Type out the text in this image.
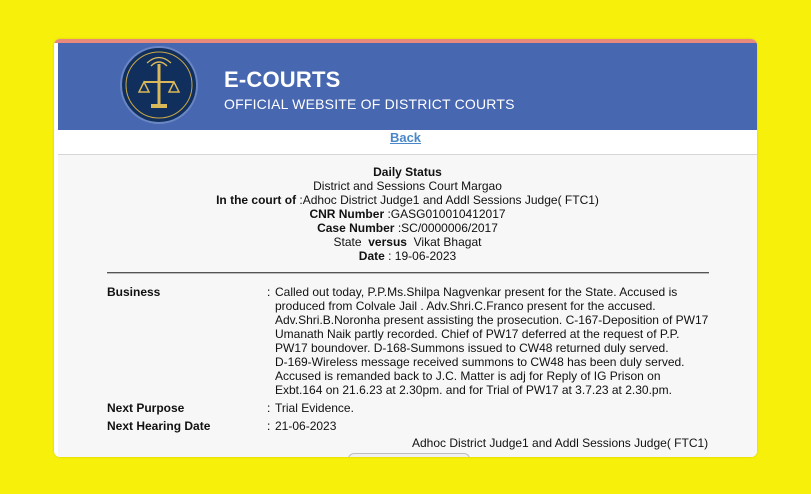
E-COURTS
OFFICIAL WEBSITE OF DISTRICT COURTS
Back
Daily Status
District and Sessions Court Margao
In the court of :Adhoc District Judge1 and Addl Sessions Judge( FTC1)
CNR Number :GASG010010412017
Case Number :SC/0000006/2017
State versus Vikat Bhagat
Date : 19-06-2023
Business	: Called out today, P.P.Ms.Shilpa Nagvenkar present for the State. Accused is
produced from Colvale Jail . Adv.Shri.C.Franco present for the accused.
Adv.Shri.B.Noronha present assisting the prosecution. C-167-Deposition of PW17
Umanath Naik partly recorded. Chief of PW17 deferred at the request of P.P.
PW17 boundover. D-168-Summons issued to CW48 returned duly served.
D-169-Wireless message received summons to CW48 has been duly served.
Accused is remanded back to J.C. Matter is adj for Reply of IG Prison on
Exbt.164 on 21.6.23 at 2.30pm. and for Trial of PW17 at 3.7.23 at 2.30.pm.
Next Purpose	: Trial Evidence.
Next Hearing Date	: 21-06-2023
Adhoc District Judge1 and Addl Sessions Judge( FTC1)
